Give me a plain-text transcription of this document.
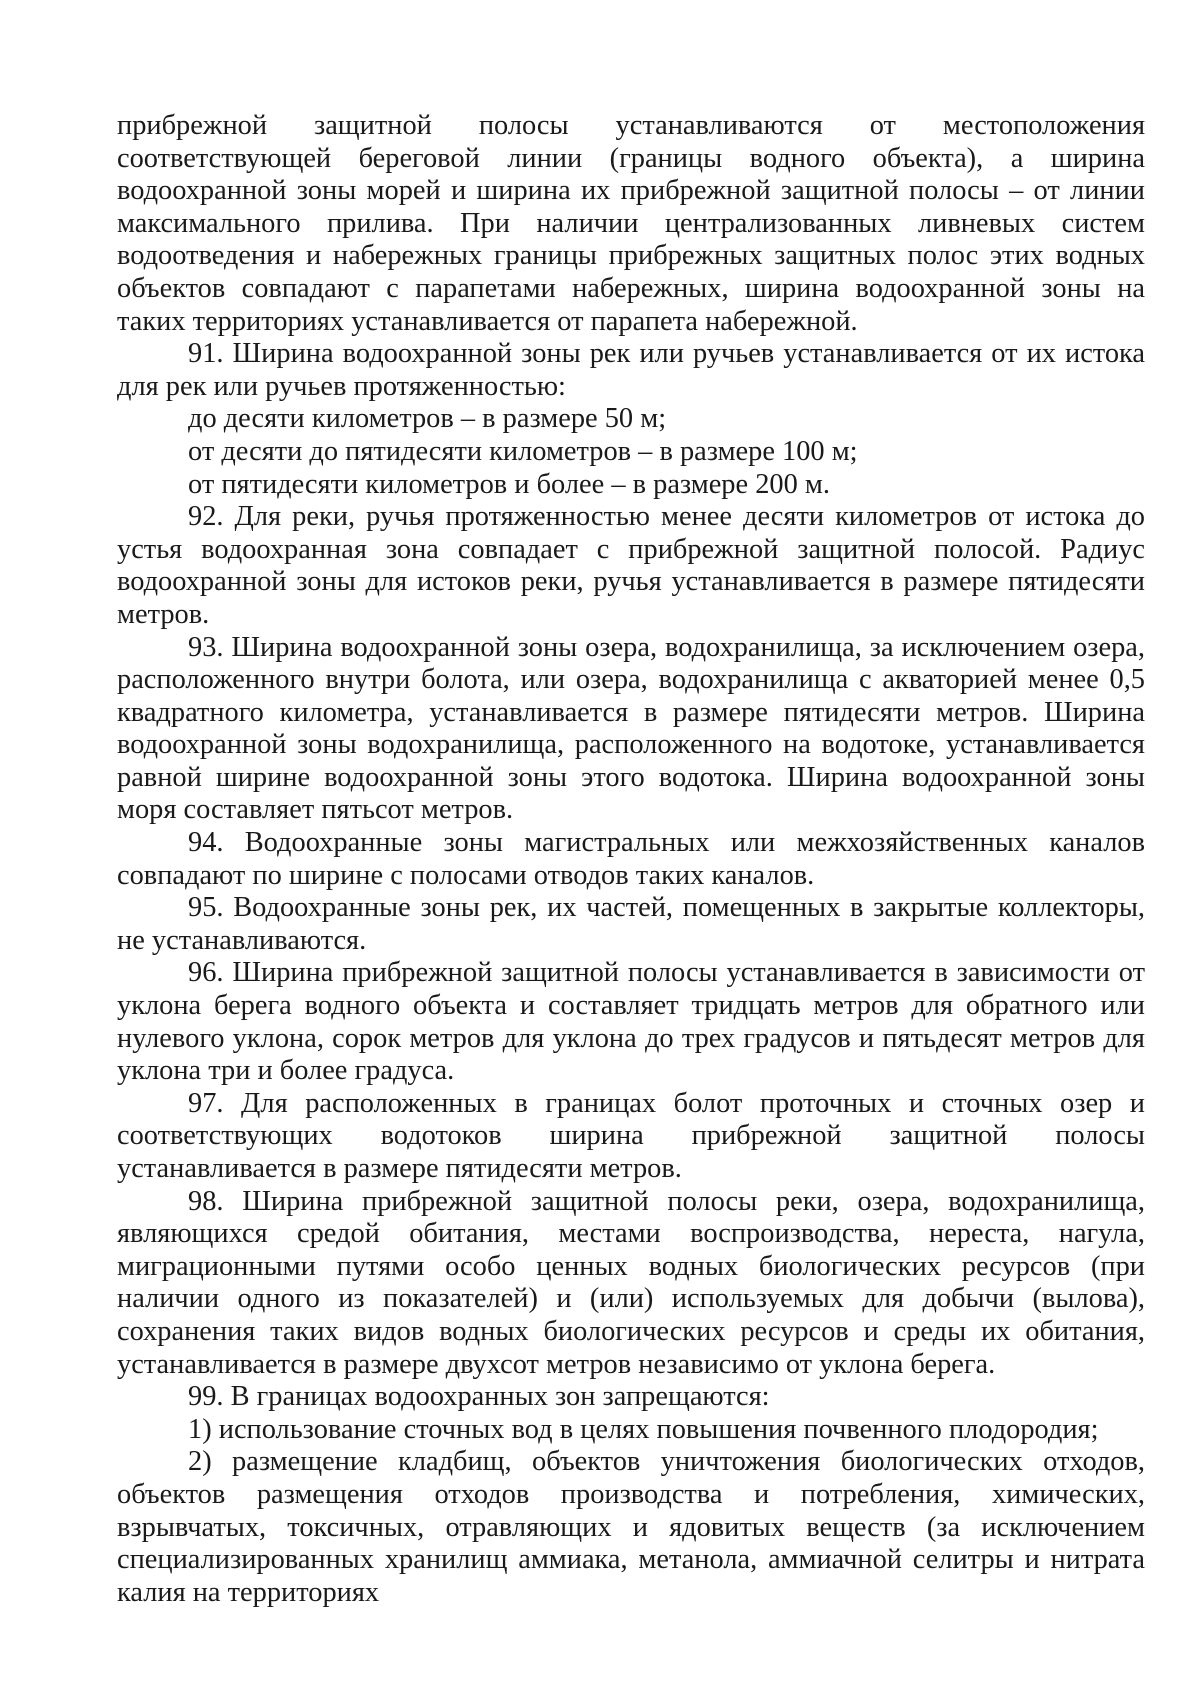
прибрежной защитной полосы устанавливаются от местоположения соответствующей береговой линии (границы водного объекта), а ширина водоохранной зоны морей и ширина их прибрежной защитной полосы – от линии максимального прилива. При наличии централизованных ливневых систем водоотведения и набережных границы прибрежных защитных полос этих водных объектов совпадают с парапетами набережных, ширина водоохранной зоны на таких территориях устанавливается от парапета набережной.

91. Ширина водоохранной зоны рек или ручьев устанавливается от их истока для рек или ручьев протяженностью:

до десяти километров – в размере 50 м;

от десяти до пятидесяти километров – в размере 100 м;

от пятидесяти километров и более – в размере 200 м.

92. Для реки, ручья протяженностью менее десяти километров от истока до устья водоохранная зона совпадает с прибрежной защитной полосой. Радиус водоохранной зоны для истоков реки, ручья устанавливается в размере пятидесяти метров.

93. Ширина водоохранной зоны озера, водохранилища, за исключением озера, расположенного внутри болота, или озера, водохранилища с акваторией менее 0,5 квадратного километра, устанавливается в размере пятидесяти метров. Ширина водоохранной зоны водохранилища, расположенного на водотоке, устанавливается равной ширине водоохранной зоны этого водотока. Ширина водоохранной зоны моря составляет пятьсот метров.

94. Водоохранные зоны магистральных или межхозяйственных каналов совпадают по ширине с полосами отводов таких каналов.

95. Водоохранные зоны рек, их частей, помещенных в закрытые коллекторы, не устанавливаются.

96. Ширина прибрежной защитной полосы устанавливается в зависимости от уклона берега водного объекта и составляет тридцать метров для обратного или нулевого уклона, сорок метров для уклона до трех градусов и пятьдесят метров для уклона три и более градуса.

97. Для расположенных в границах болот проточных и сточных озер и соответствующих водотоков ширина прибрежной защитной полосы устанавливается в размере пятидесяти метров.

98. Ширина прибрежной защитной полосы реки, озера, водохранилища, являющихся средой обитания, местами воспроизводства, нереста, нагула, миграционными путями особо ценных водных биологических ресурсов (при наличии одного из показателей) и (или) используемых для добычи (вылова), сохранения таких видов водных биологических ресурсов и среды их обитания, устанавливается в размере двухсот метров независимо от уклона берега.

99. В границах водоохранных зон запрещаются:

1) использование сточных вод в целях повышения почвенного плодородия;

2) размещение кладбищ, объектов уничтожения биологических отходов, объектов размещения отходов производства и потребления, химических, взрывчатых, токсичных, отравляющих и ядовитых веществ (за исключением специализированных хранилищ аммиака, метанола, аммиачной селитры и нитрата калия на территориях
